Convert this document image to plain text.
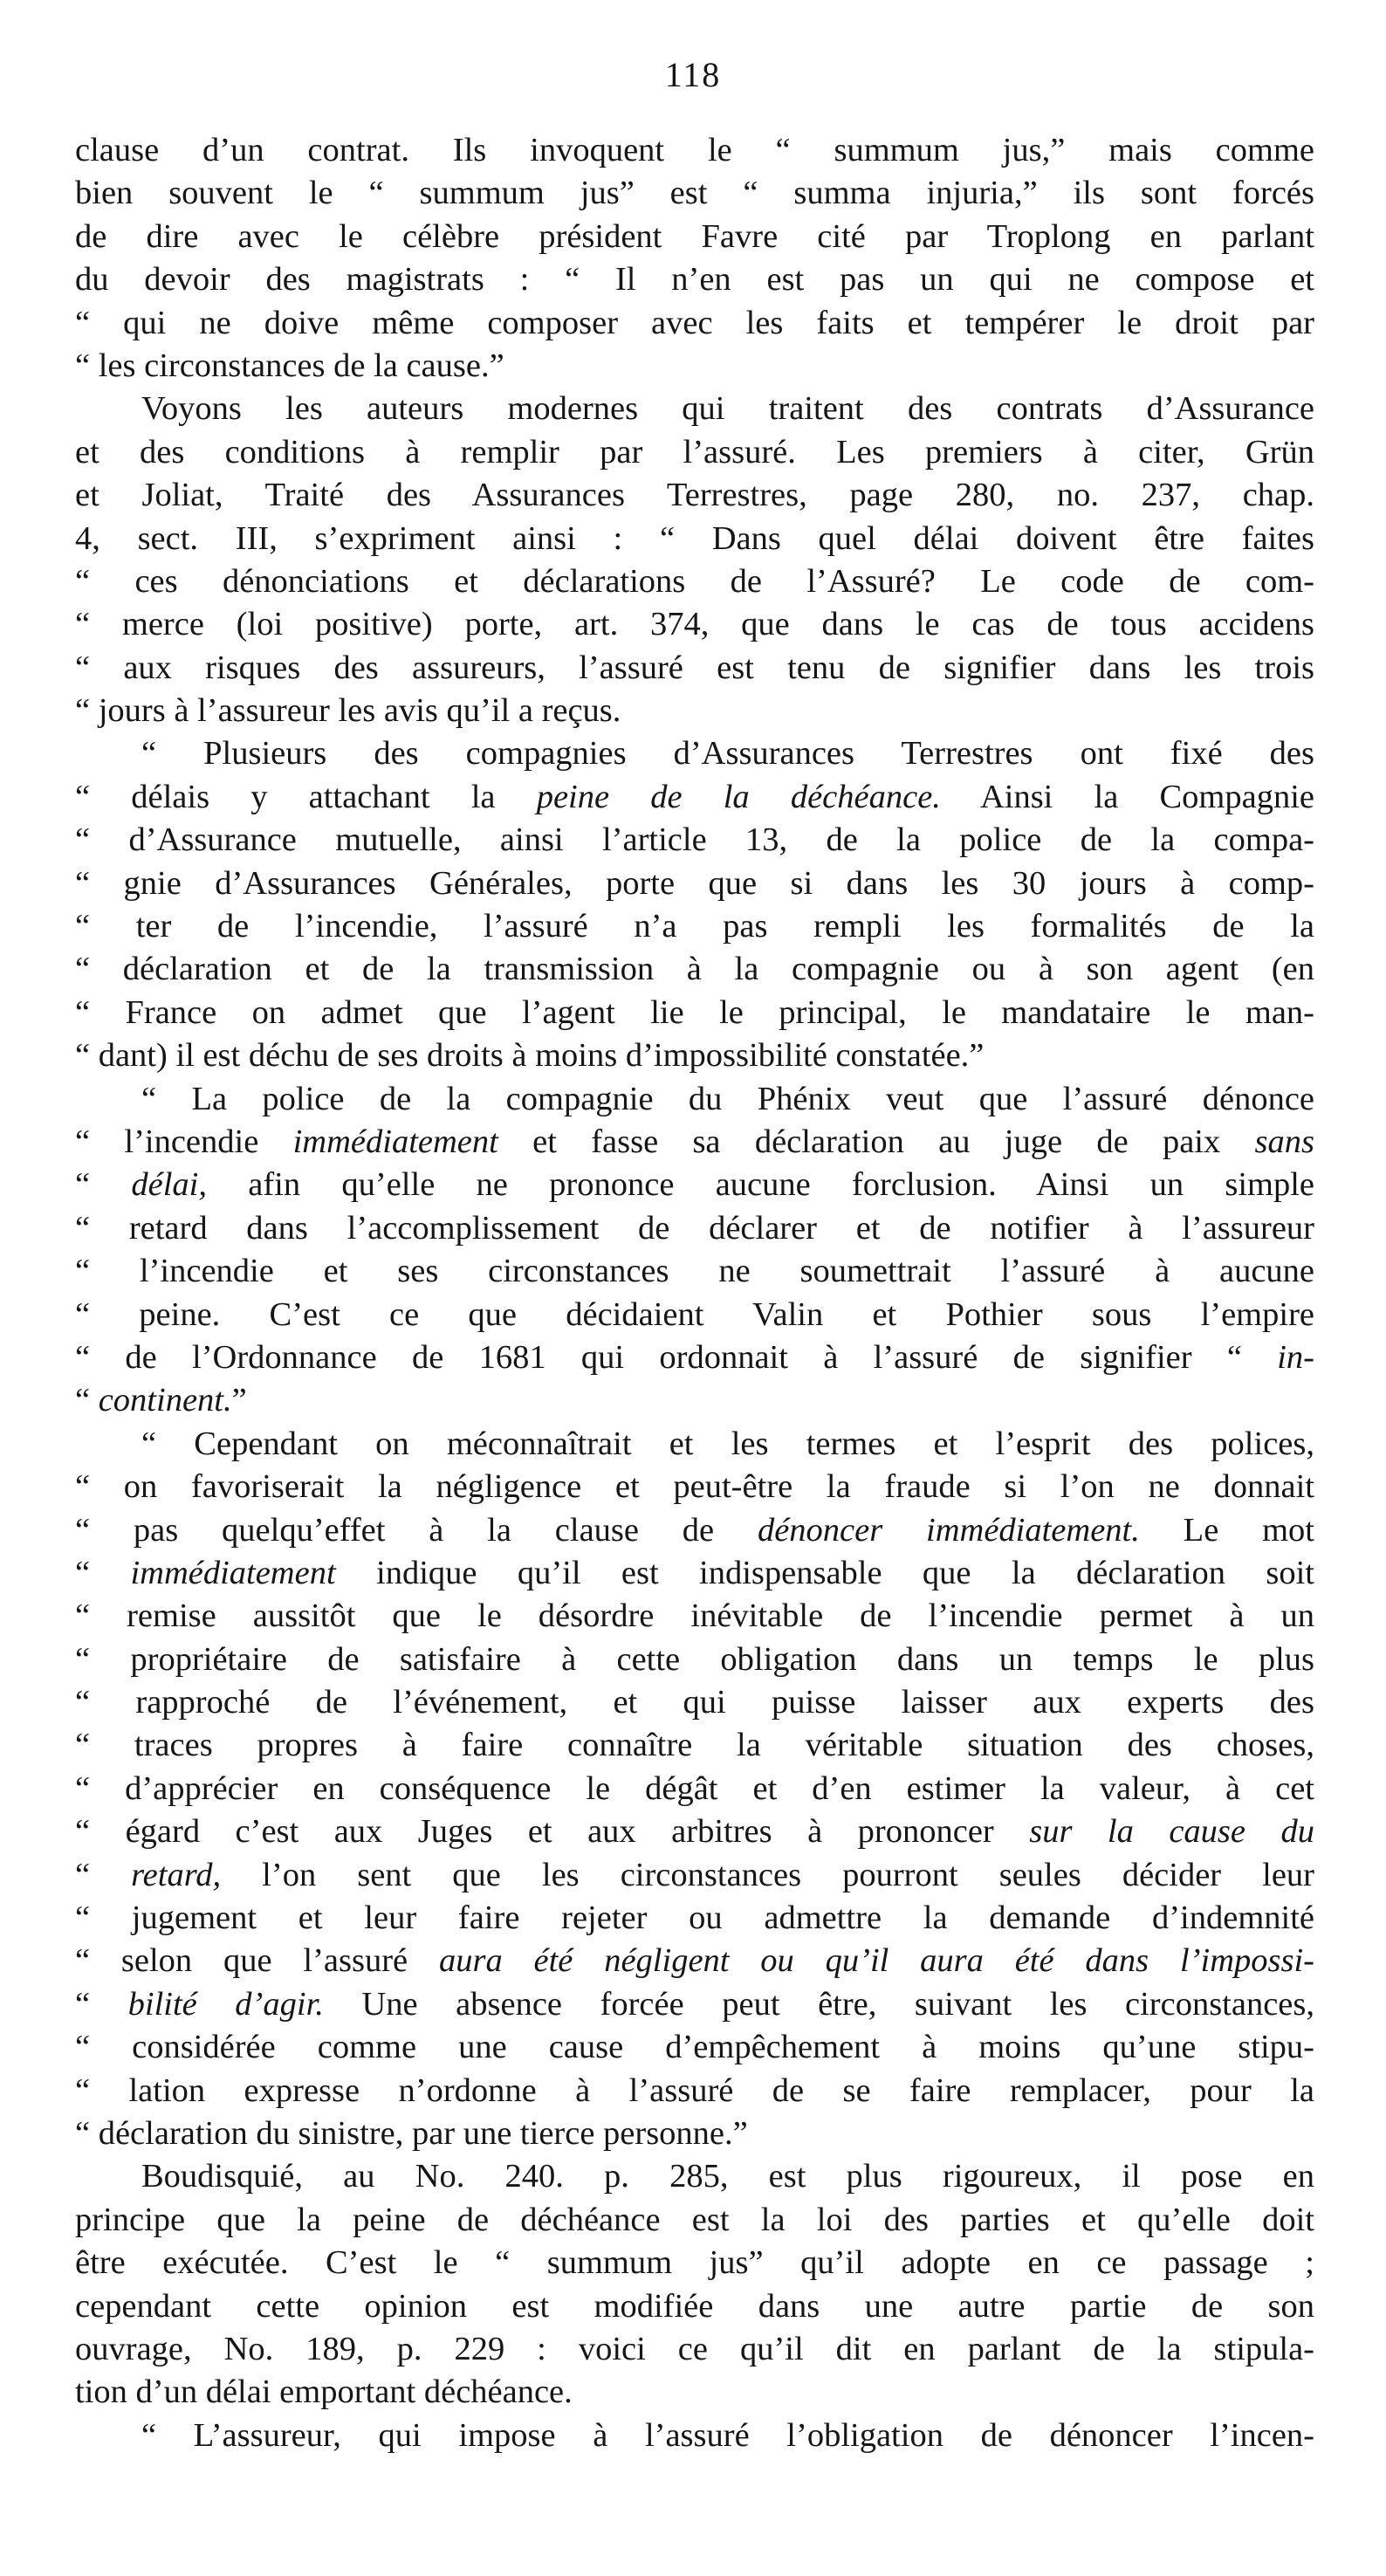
118
clause d’un contrat. Ils invoquent le “ summum jus,” mais comme
bien souvent le “ summum jus” est “ summa injuria,” ils sont forcés
de dire avec le célèbre président Favre cité par Troplong en parlant
du devoir des magistrats : “ Il n’en est pas un qui ne compose et
“ qui ne doive même composer avec les faits et tempérer le droit par
“ les circonstances de la cause.”
Voyons les auteurs modernes qui traitent des contrats d’Assurance
et des conditions à remplir par l’assuré. Les premiers à citer, Grün
et Joliat, Traité des Assurances Terrestres, page 280, no. 237, chap.
4, sect. III, s’expriment ainsi : “ Dans quel délai doivent être faites
“ ces dénonciations et déclarations de l’Assuré? Le code de com-
“ merce (loi positive) porte, art. 374, que dans le cas de tous accidens
“ aux risques des assureurs, l’assuré est tenu de signifier dans les trois
“ jours à l’assureur les avis qu’il a reçus.
“ Plusieurs des compagnies d’Assurances Terrestres ont fixé des
“ délais y attachant la peine de la déchéance. Ainsi la Compagnie
“ d’Assurance mutuelle, ainsi l’article 13, de la police de la compa-
“ gnie d’Assurances Générales, porte que si dans les 30 jours à comp-
“ ter de l’incendie, l’assuré n’a pas rempli les formalités de la
“ déclaration et de la transmission à la compagnie ou à son agent (en
“ France on admet que l’agent lie le principal, le mandataire le man-
“ dant) il est déchu de ses droits à moins d’impossibilité constatée.”
“ La police de la compagnie du Phénix veut que l’assuré dénonce
“ l’incendie immédiatement et fasse sa déclaration au juge de paix sans
“ délai, afin qu’elle ne prononce aucune forclusion. Ainsi un simple
“ retard dans l’accomplissement de déclarer et de notifier à l’assureur
“ l’incendie et ses circonstances ne soumettrait l’assuré à aucune
“ peine. C’est ce que décidaient Valin et Pothier sous l’empire
“ de l’Ordonnance de 1681 qui ordonnait à l’assuré de signifier “ in-
“ continent.”
“ Cependant on méconnaîtrait et les termes et l’esprit des polices,
“ on favoriserait la négligence et peut-être la fraude si l’on ne donnait
“ pas quelqu’effet à la clause de dénoncer immédiatement. Le mot
“ immédiatement indique qu’il est indispensable que la déclaration soit
“ remise aussitôt que le désordre inévitable de l’incendie permet à un
“ propriétaire de satisfaire à cette obligation dans un temps le plus
“ rapproché de l’événement, et qui puisse laisser aux experts des
“ traces propres à faire connaître la véritable situation des choses,
“ d’apprécier en conséquence le dégât et d’en estimer la valeur, à cet
“ égard c’est aux Juges et aux arbitres à prononcer sur la cause du
“ retard, l’on sent que les circonstances pourront seules décider leur
“ jugement et leur faire rejeter ou admettre la demande d’indemnité
“ selon que l’assuré aura été négligent ou qu’il aura été dans l’impossi-
“ bilité d’agir. Une absence forcée peut être, suivant les circonstances,
“ considérée comme une cause d’empêchement à moins qu’une stipu-
“ lation expresse n’ordonne à l’assuré de se faire remplacer, pour la
“ déclaration du sinistre, par une tierce personne.”
Boudisquié, au No. 240. p. 285, est plus rigoureux, il pose en
principe que la peine de déchéance est la loi des parties et qu’elle doit
être exécutée. C’est le “ summum jus” qu’il adopte en ce passage ;
cependant cette opinion est modifiée dans une autre partie de son
ouvrage, No. 189, p. 229 : voici ce qu’il dit en parlant de la stipula-
tion d’un délai emportant déchéance.
“ L’assureur, qui impose à l’assuré l’obligation de dénoncer l’incen-
